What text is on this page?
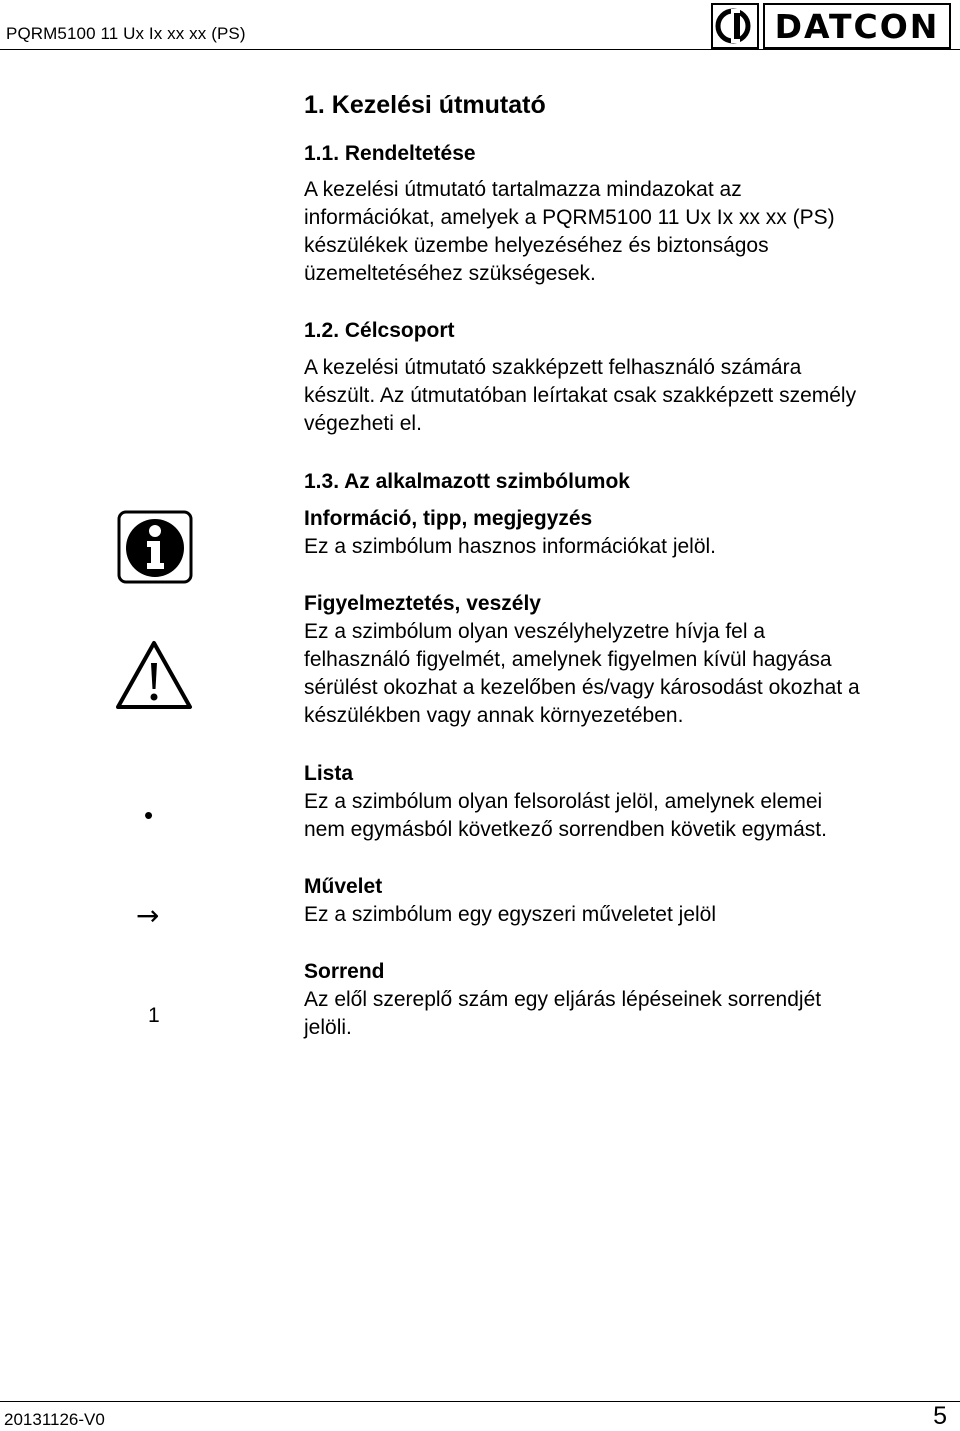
PQRM5100 11 Ux Ix xx xx (PS)	DATCON
1. Kezelési útmutató
1.1. Rendeltetése
A kezelési útmutató tartalmazza mindazokat az
információkat, amelyek a PQRM5100 11 Ux Ix xx xx (PS)
készülékek üzembe helyezéséhez és biztonságos
üzemeltetéséhez szükségesek.
1.2. Célcsoport
A kezelési útmutató szakképzett felhasználó számára
készült. Az útmutatóban leírtakat csak szakképzett személy
végezheti el.
1.3. Az alkalmazott szimbólumok
Információ, tipp, megjegyzés
Ez a szimbólum hasznos információkat jelöl.
Figyelmeztetés, veszély
Ez a szimbólum olyan veszélyhelyzetre hívja fel a
felhasználó figyelmét, amelynek figyelmen kívül hagyása
sérülést okozhat a kezelőben és/vagy károsodást okozhat a
készülékben vagy annak környezetében.
•
Lista
Ez a szimbólum olyan felsorolást jelöl, amelynek elemei
nem egymásból következő sorrendben követik egymást.
→
Művelet
Ez a szimbólum egy egyszeri műveletet jelöl
1
Sorrend
Az elől szereplő szám egy eljárás lépéseinek sorrendjét
jelöli.
20131126-V0	5
